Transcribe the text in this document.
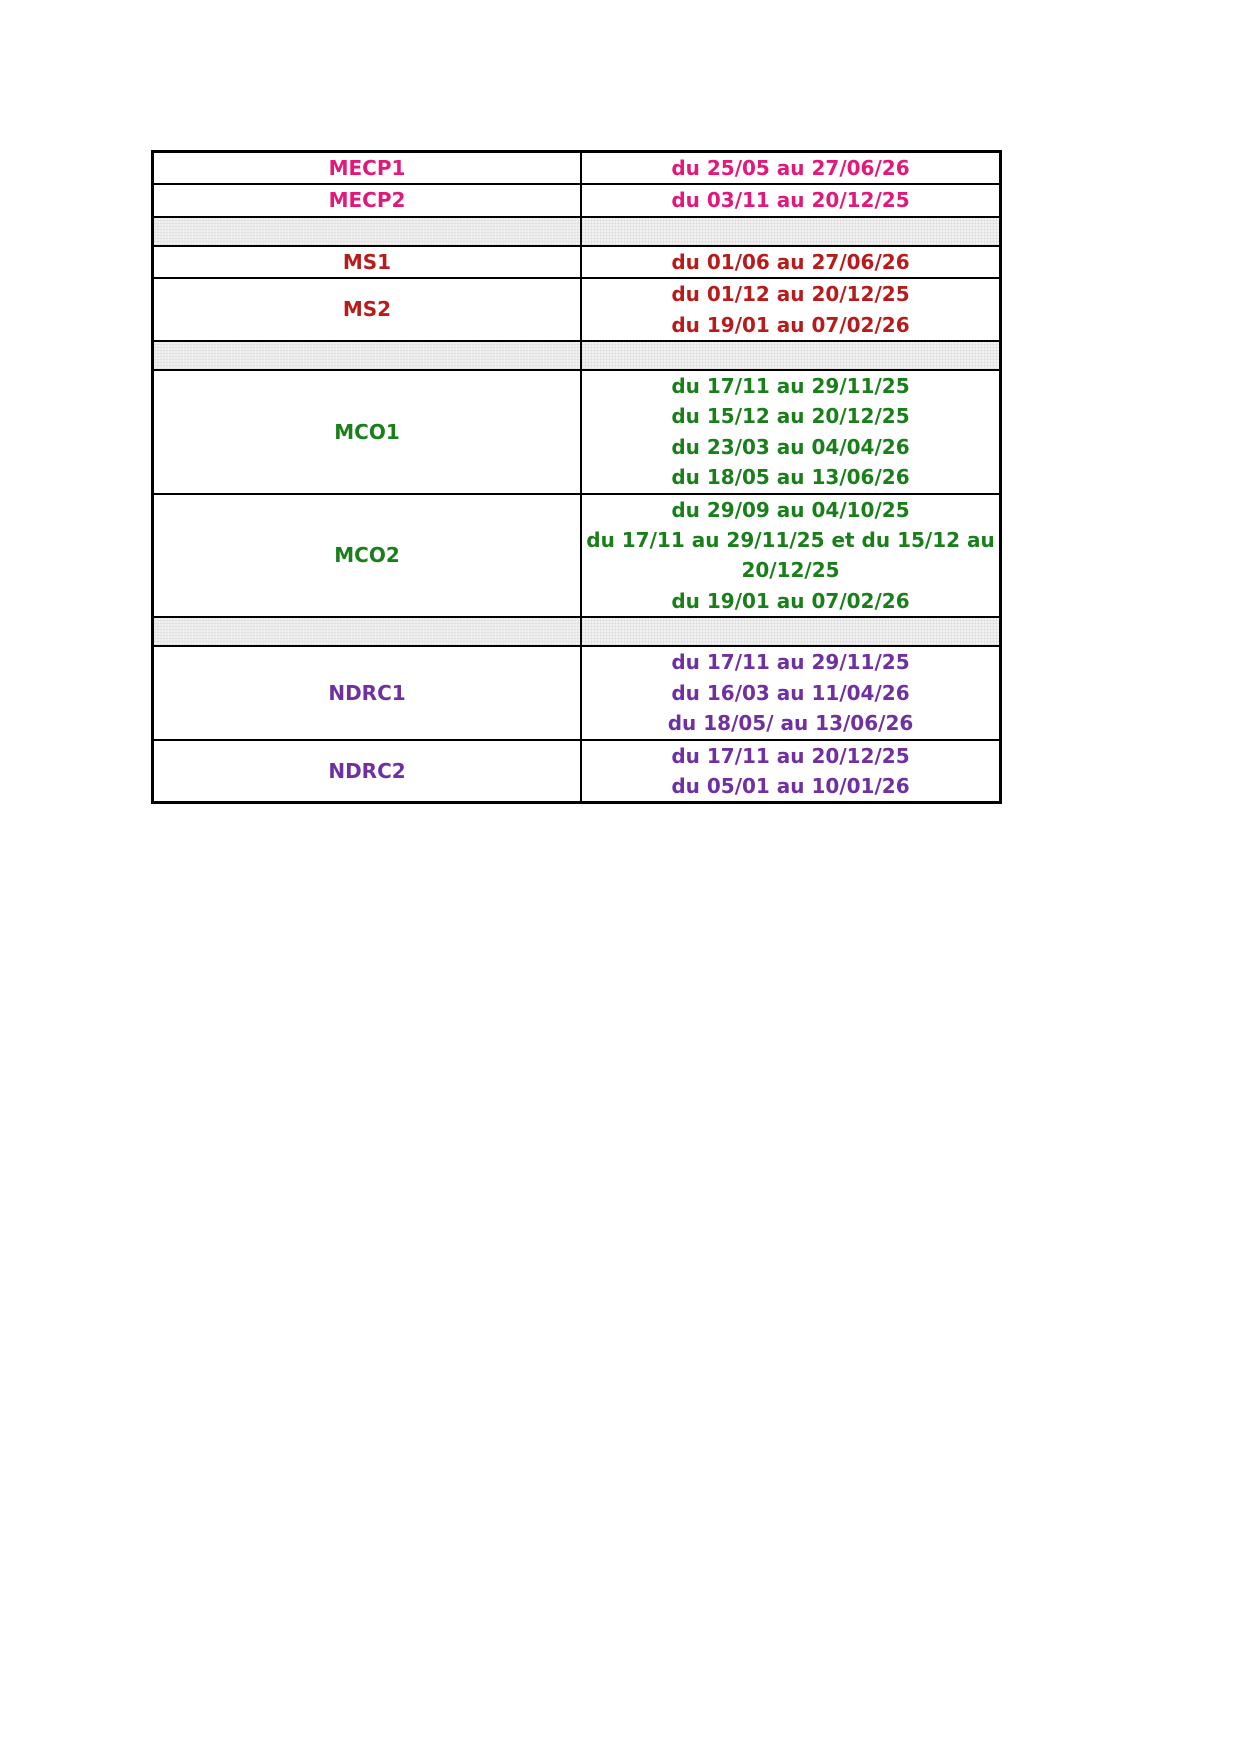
MECP1	du 25/05 au 27/06/26

MECP2	du 03/11 au 20/12/25

MS1	du 01/06 au 27/06/26

MS2	du 01/12 au 20/12/25
du 19/01 au 07/02/26

MCO1	du 17/11 au 29/11/25
du 15/12 au 20/12/25
du 23/03 au 04/04/26
du 18/05 au 13/06/26

MCO2	du 29/09 au 04/10/25
du 17/11 au 29/11/25 et du 15/12 au 20/12/25
du 19/01 au 07/02/26

NDRC1	du 17/11 au 29/11/25
du 16/03 au 11/04/26
du 18/05/ au 13/06/26

NDRC2	du 17/11 au 20/12/25
du 05/01 au 10/01/26
